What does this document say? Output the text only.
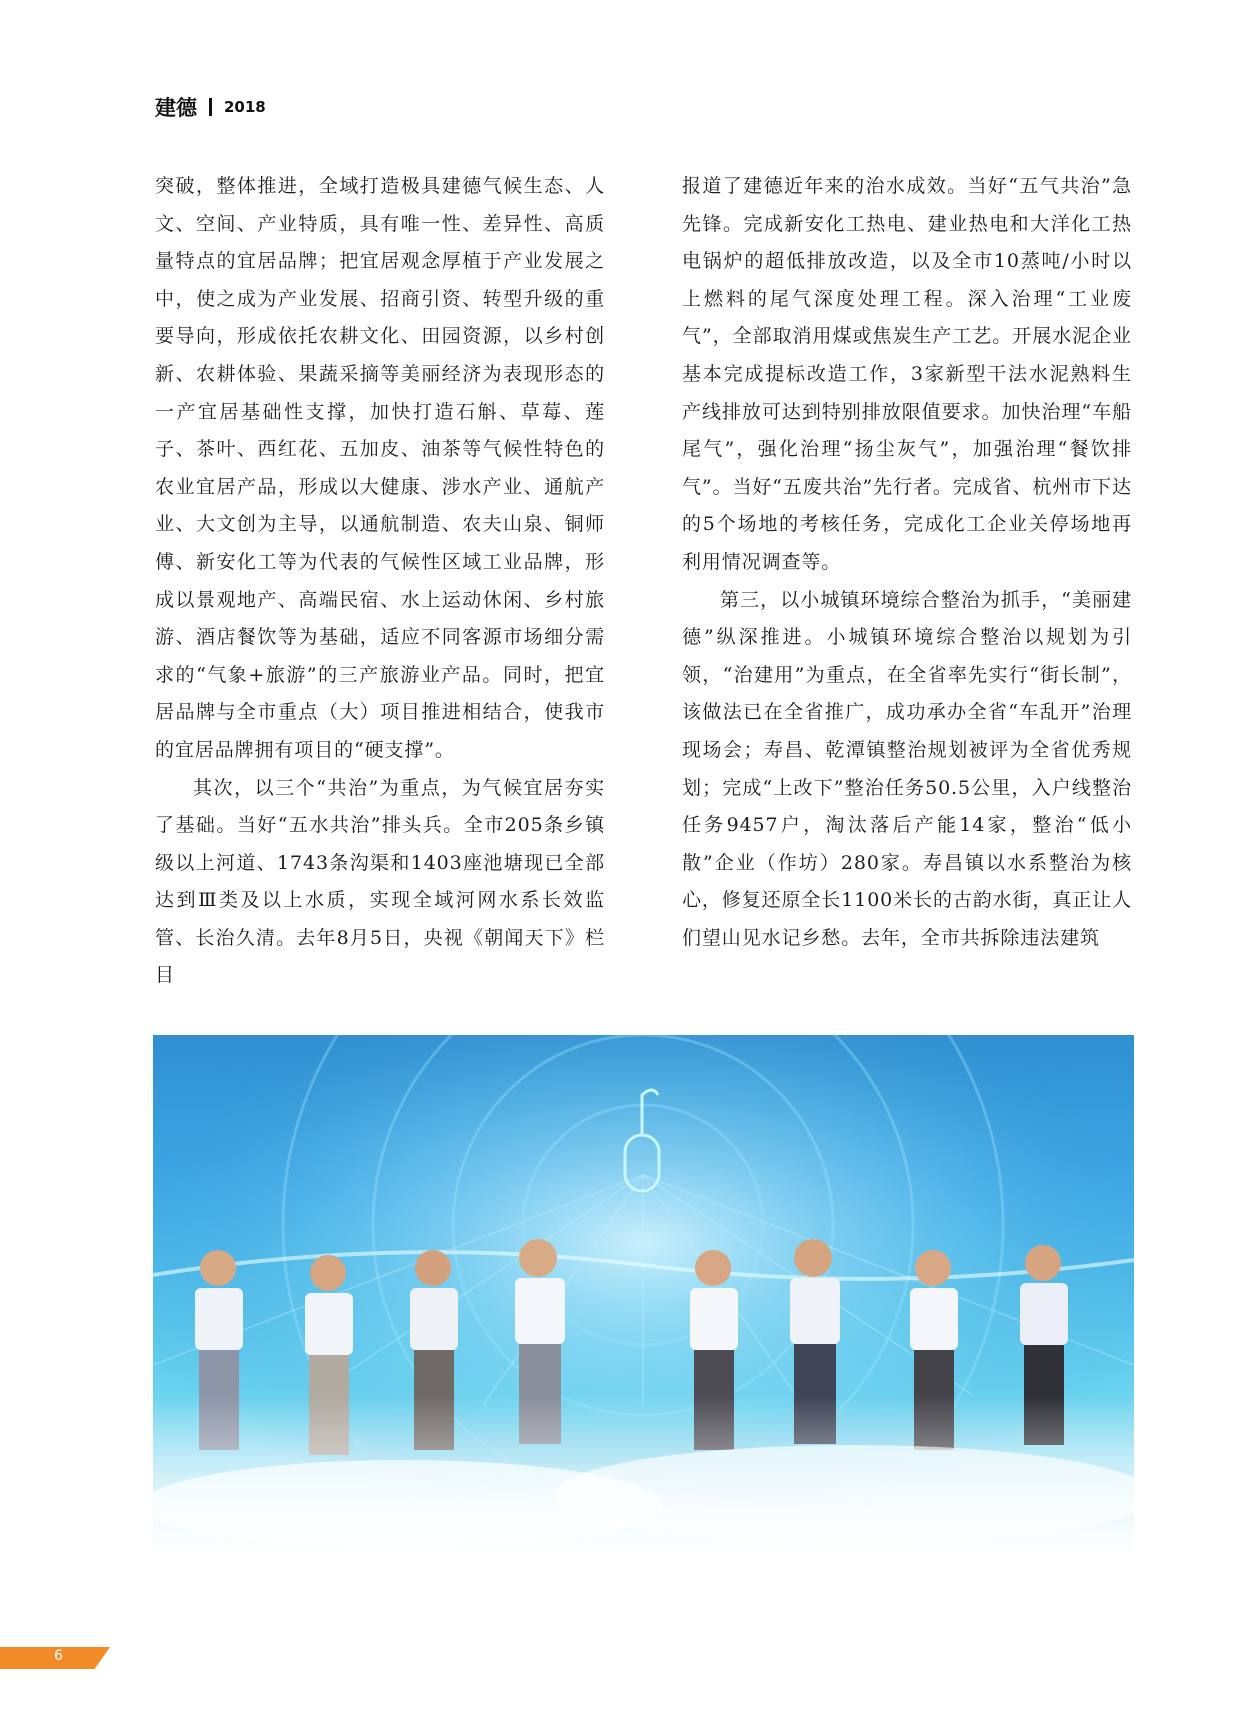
建德 2018

突破，整体推进，全域打造极具建德气候生态、人文、空间、产业特质，具有唯一性、差异性、高质量特点的宜居品牌；把宜居观念厚植于产业发展之中，使之成为产业发展、招商引资、转型升级的重要导向，形成依托农耕文化、田园资源，以乡村创新、农耕体验、果蔬采摘等美丽经济为表现形态的一产宜居基础性支撑，加快打造石斛、草莓、莲子、茶叶、西红花、五加皮、油茶等气候性特色的农业宜居产品，形成以大健康、涉水产业、通航产业、大文创为主导，以通航制造、农夫山泉、铜师傅、新安化工等为代表的气候性区域工业品牌，形成以景观地产、高端民宿、水上运动休闲、乡村旅游、酒店餐饮等为基础，适应不同客源市场细分需求的“气象+旅游”的三产旅游业产品。同时，把宜居品牌与全市重点（大）项目推进相结合，使我市的宜居品牌拥有项目的“硬支撑”。

其次，以三个“共治”为重点，为气候宜居夯实了基础。当好“五水共治”排头兵。全市205条乡镇级以上河道、1743条沟渠和1403座池塘现已全部达到Ⅲ类及以上水质，实现全域河网水系长效监管、长治久清。去年8月5日，央视《朝闻天下》栏目

报道了建德近年来的治水成效。当好“五气共治”急先锋。完成新安化工热电、建业热电和大洋化工热电锅炉的超低排放改造，以及全市10蒸吨/小时以上燃料的尾气深度处理工程。深入治理“工业废气”，全部取消用煤或焦炭生产工艺。开展水泥企业基本完成提标改造工作，3家新型干法水泥熟料生产线排放可达到特别排放限值要求。加快治理“车船尾气”，强化治理“扬尘灰气”，加强治理“餐饮排气”。当好“五废共治”先行者。完成省、杭州市下达的5个场地的考核任务，完成化工企业关停场地再利用情况调查等。

第三，以小城镇环境综合整治为抓手，“美丽建德”纵深推进。小城镇环境综合整治以规划为引领，“治建用”为重点，在全省率先实行“街长制”，该做法已在全省推广，成功承办全省“车乱开”治理现场会；寿昌、乾潭镇整治规划被评为全省优秀规划；完成“上改下”整治任务50.5公里，入户线整治任务9457户，淘汰落后产能14家，整治“低小散”企业（作坊）280家。寿昌镇以水系整治为核心，修复还原全长1100米长的古韵水街，真正让人们望山见水记乡愁。去年，全市共拆除违法建筑

6
